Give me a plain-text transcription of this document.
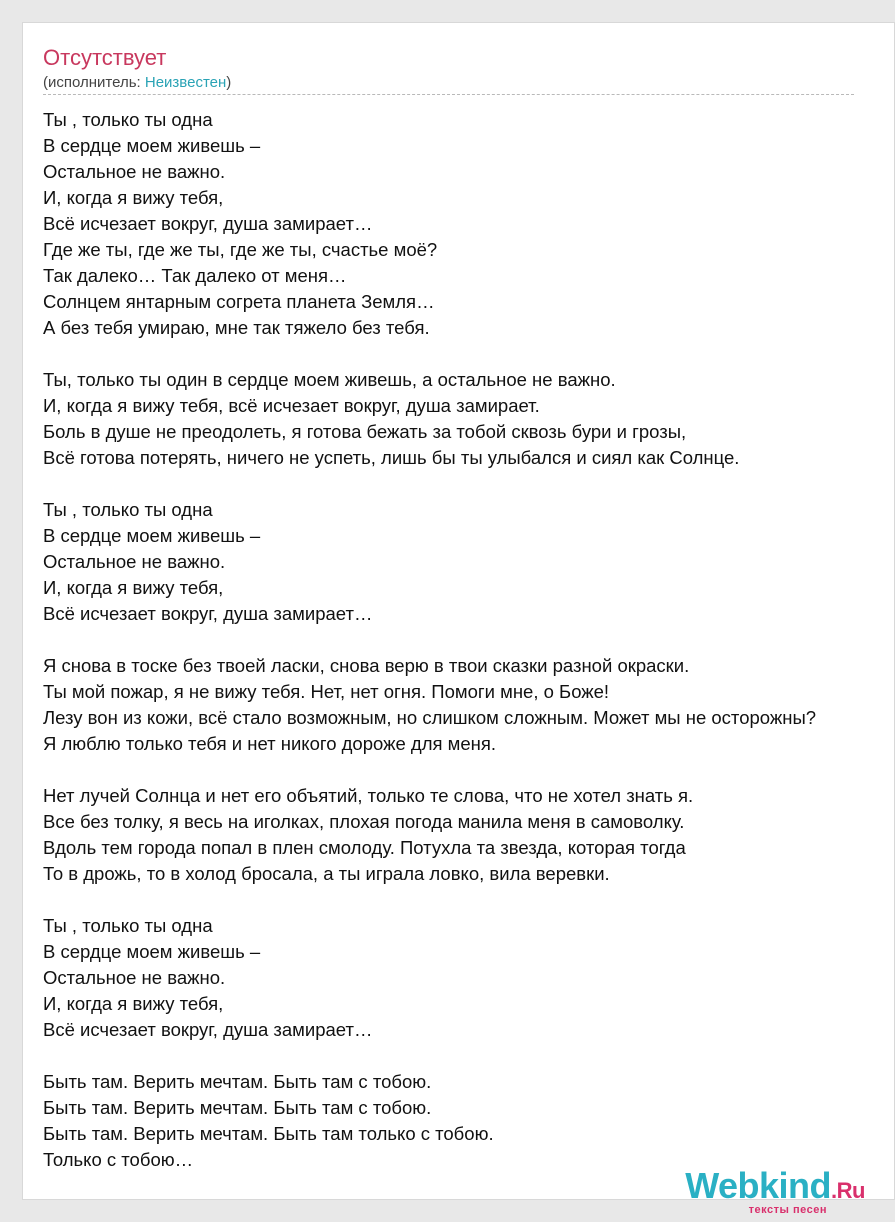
Отсутствует
(исполнитель: Неизвестен)
Ты , только ты одна
В сердце моем живешь –
Остальное не важно.
И, когда я вижу тебя,
Всё исчезает вокруг, душа замирает…
Где же ты, где же ты, где же ты, счастье моё?
Так далеко… Так далеко от меня…
Солнцем янтарным согрета планета Земля…
А без тебя умираю, мне так тяжело без тебя.
Ты, только ты один в сердце моем живешь, а остальное не важно.
И, когда я вижу тебя, всё исчезает вокруг, душа замирает.
Боль в душе не преодолеть, я готова бежать за тобой сквозь бури и грозы,
Всё готова потерять, ничего не успеть, лишь бы ты улыбался и сиял как Солнце.
Ты , только ты одна
В сердце моем живешь –
Остальное не важно.
И, когда я вижу тебя,
Всё исчезает вокруг, душа замирает…
Я снова в тоске без твоей ласки, снова верю в твои сказки разной окраски.
Ты мой пожар, я не вижу тебя. Нет, нет огня. Помоги мне, о Боже!
Лезу вон из кожи, всё стало возможным, но слишком сложным. Может мы не осторожны?
Я люблю только тебя и нет никого дороже для меня.
Нет лучей Солнца и нет его объятий, только те слова, что не хотел знать я.
Все без толку, я весь на иголках, плохая погода манила меня в самоволку.
Вдоль тем города попал в плен смолоду. Потухла та звезда, которая тогда
То в дрожь, то в холод бросала, а ты играла ловко, вила веревки.
Ты , только ты одна
В сердце моем живешь –
Остальное не важно.
И, когда я вижу тебя,
Всё исчезает вокруг, душа замирает…
Быть там. Верить мечтам. Быть там с тобою.
Быть там. Верить мечтам. Быть там с тобою.
Быть там. Верить мечтам. Быть там только с тобою.
Только с тобою…
Webkind.Ru
тексты песен
